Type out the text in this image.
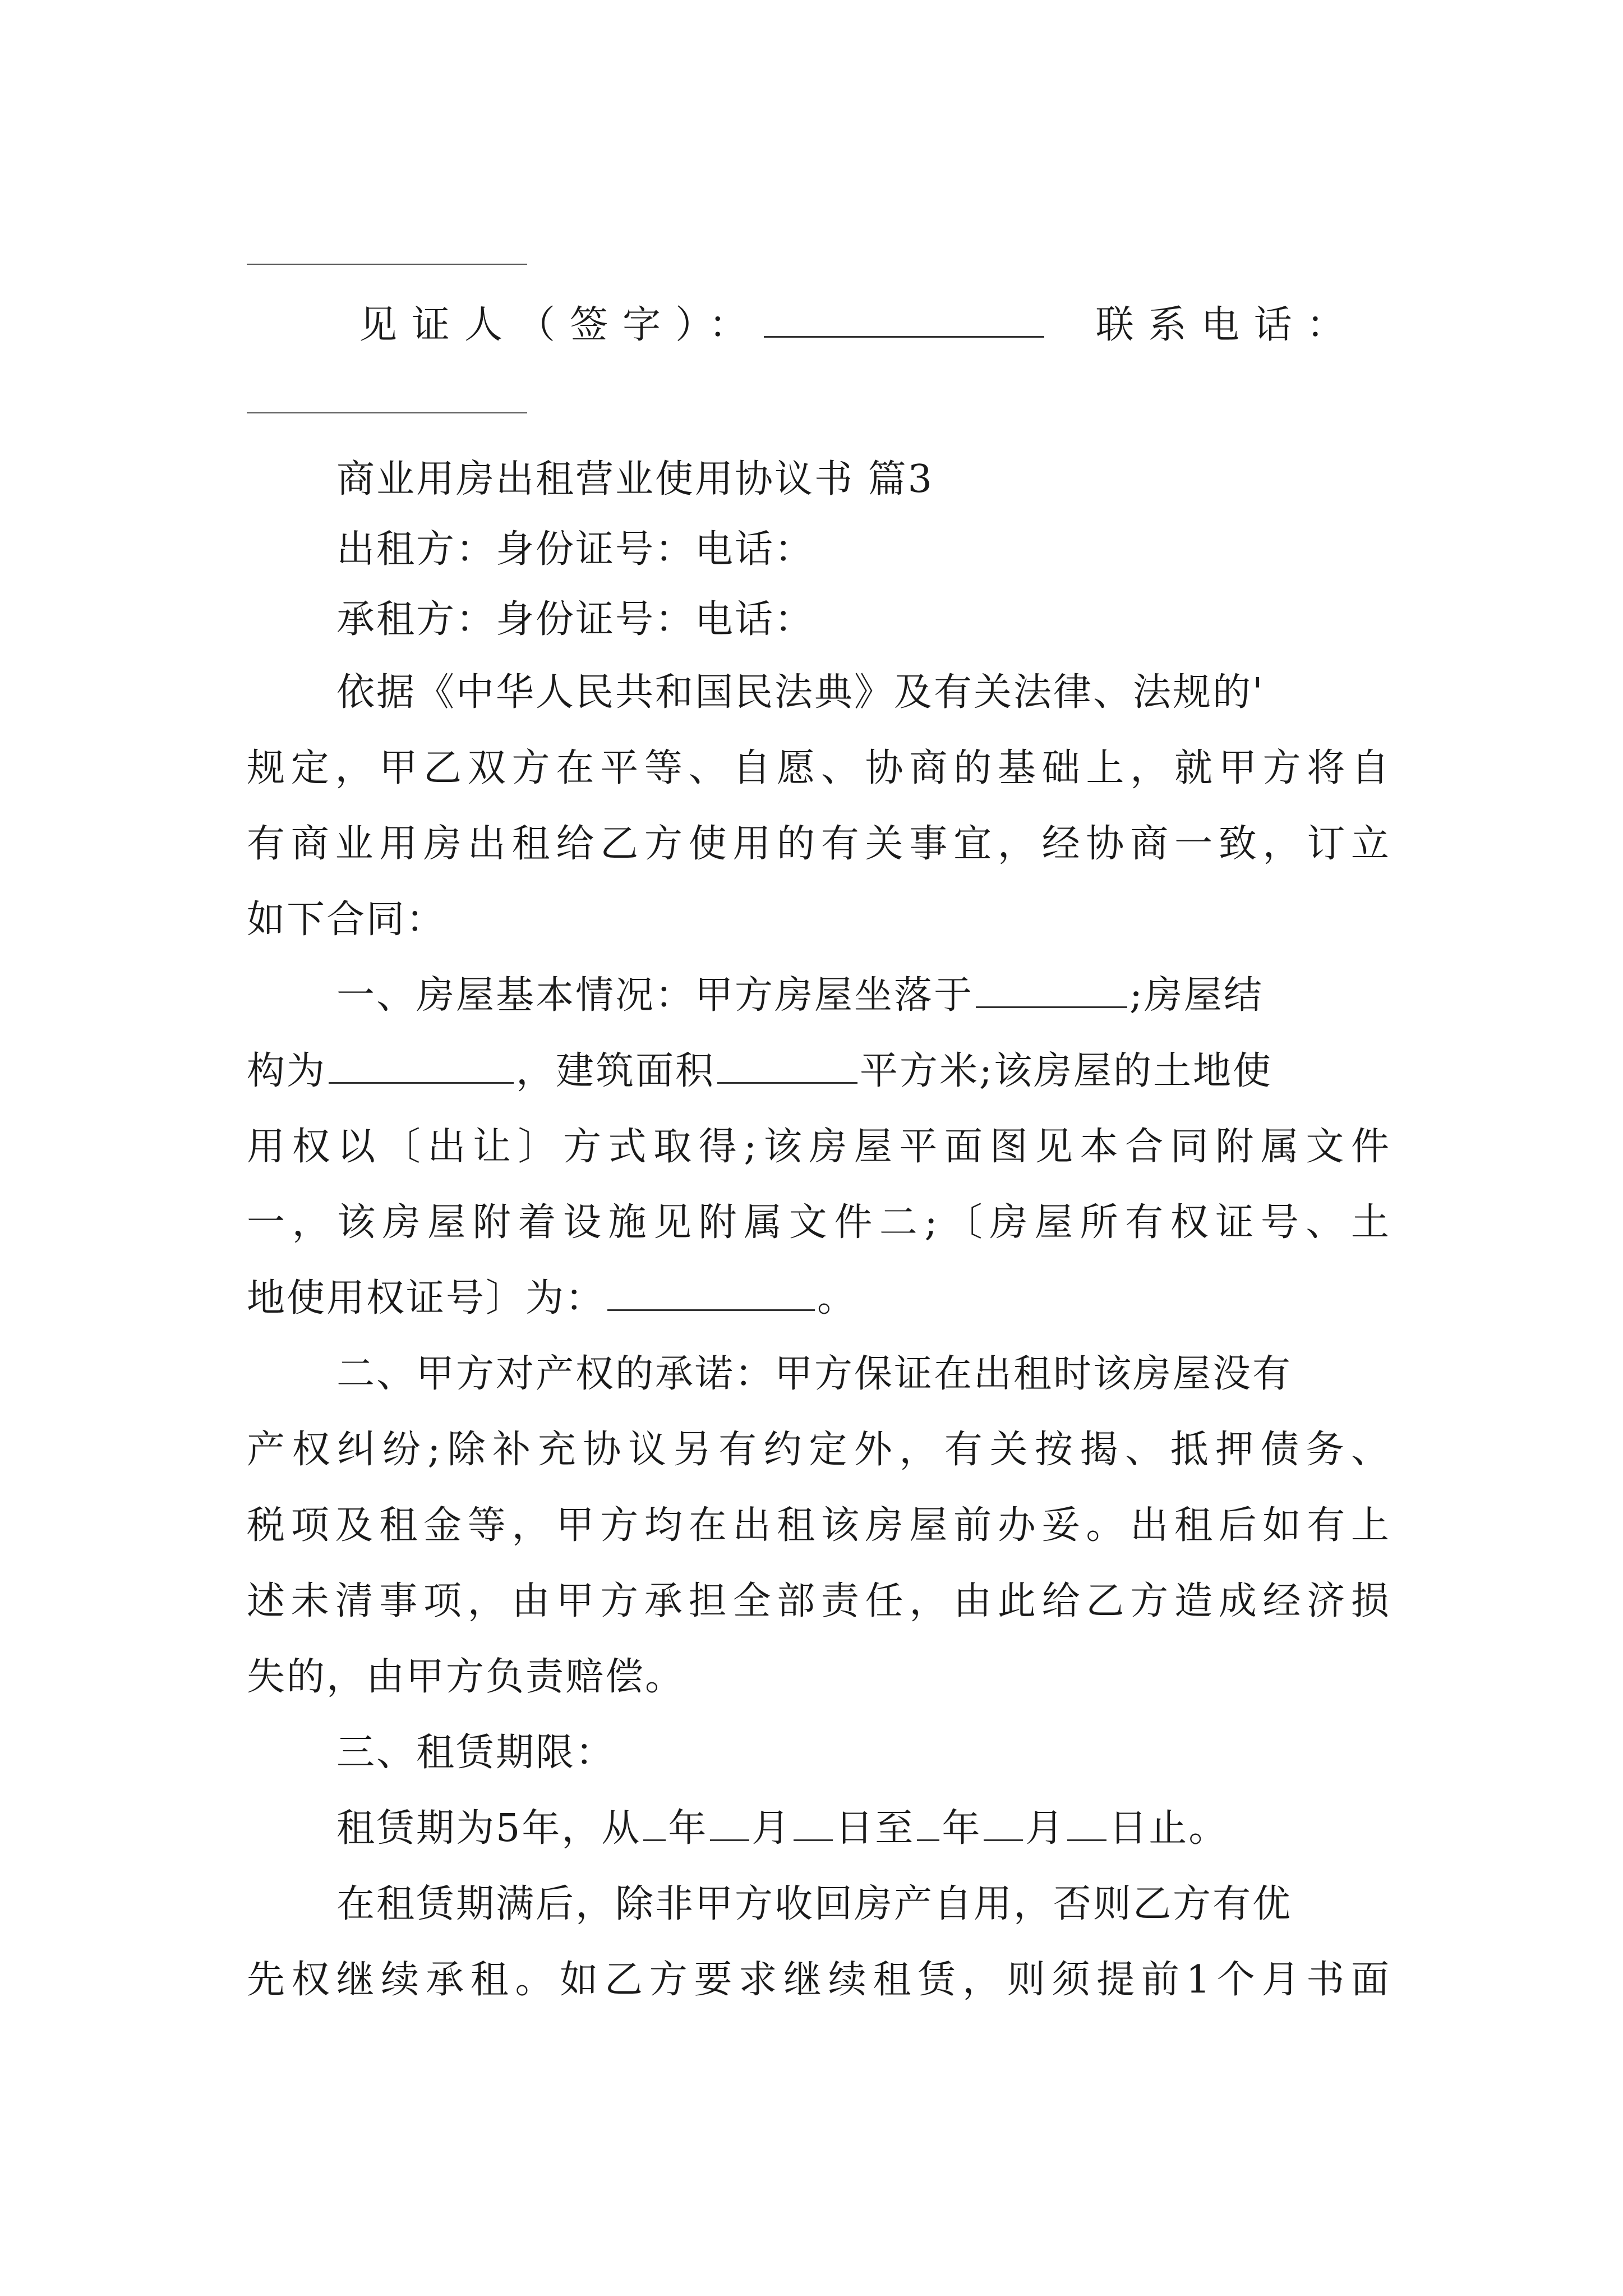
见证人（签字）：	联系电话：
商业用房出租营业使用协议书 篇3
出租方：身份证号：电话：
承租方：身份证号：电话：
依据《中华人民共和国民法典》及有关法律、法规的'
规定，甲乙双方在平等、自愿、协商的基础上，就甲方将自
有商业用房出租给乙方使用的有关事宜，经协商一致，订立
如下合同：
一、房屋基本情况：甲方房屋坐落于	;房屋结
构为	，建筑面积	平方米;该房屋的土地使
用权以〔出让〕方式取得;该房屋平面图见本合同附属文件
一，该房屋附着设施见附属文件二;〔房屋所有权证号、土
地使用权证号〕为：	。
二、甲方对产权的承诺：甲方保证在出租时该房屋没有
产权纠纷;除补充协议另有约定外，有关按揭、抵押债务、
税项及租金等，甲方均在出租该房屋前办妥。出租后如有上
述未清事项，由甲方承担全部责任，由此给乙方造成经济损
失的，由甲方负责赔偿。
三、租赁期限：
租赁期为5年，从 年 月 日至 年 月 日止。
在租赁期满后，除非甲方收回房产自用，否则乙方有优
先权继续承租。如乙方要求继续租赁，则须提前1个月书面
